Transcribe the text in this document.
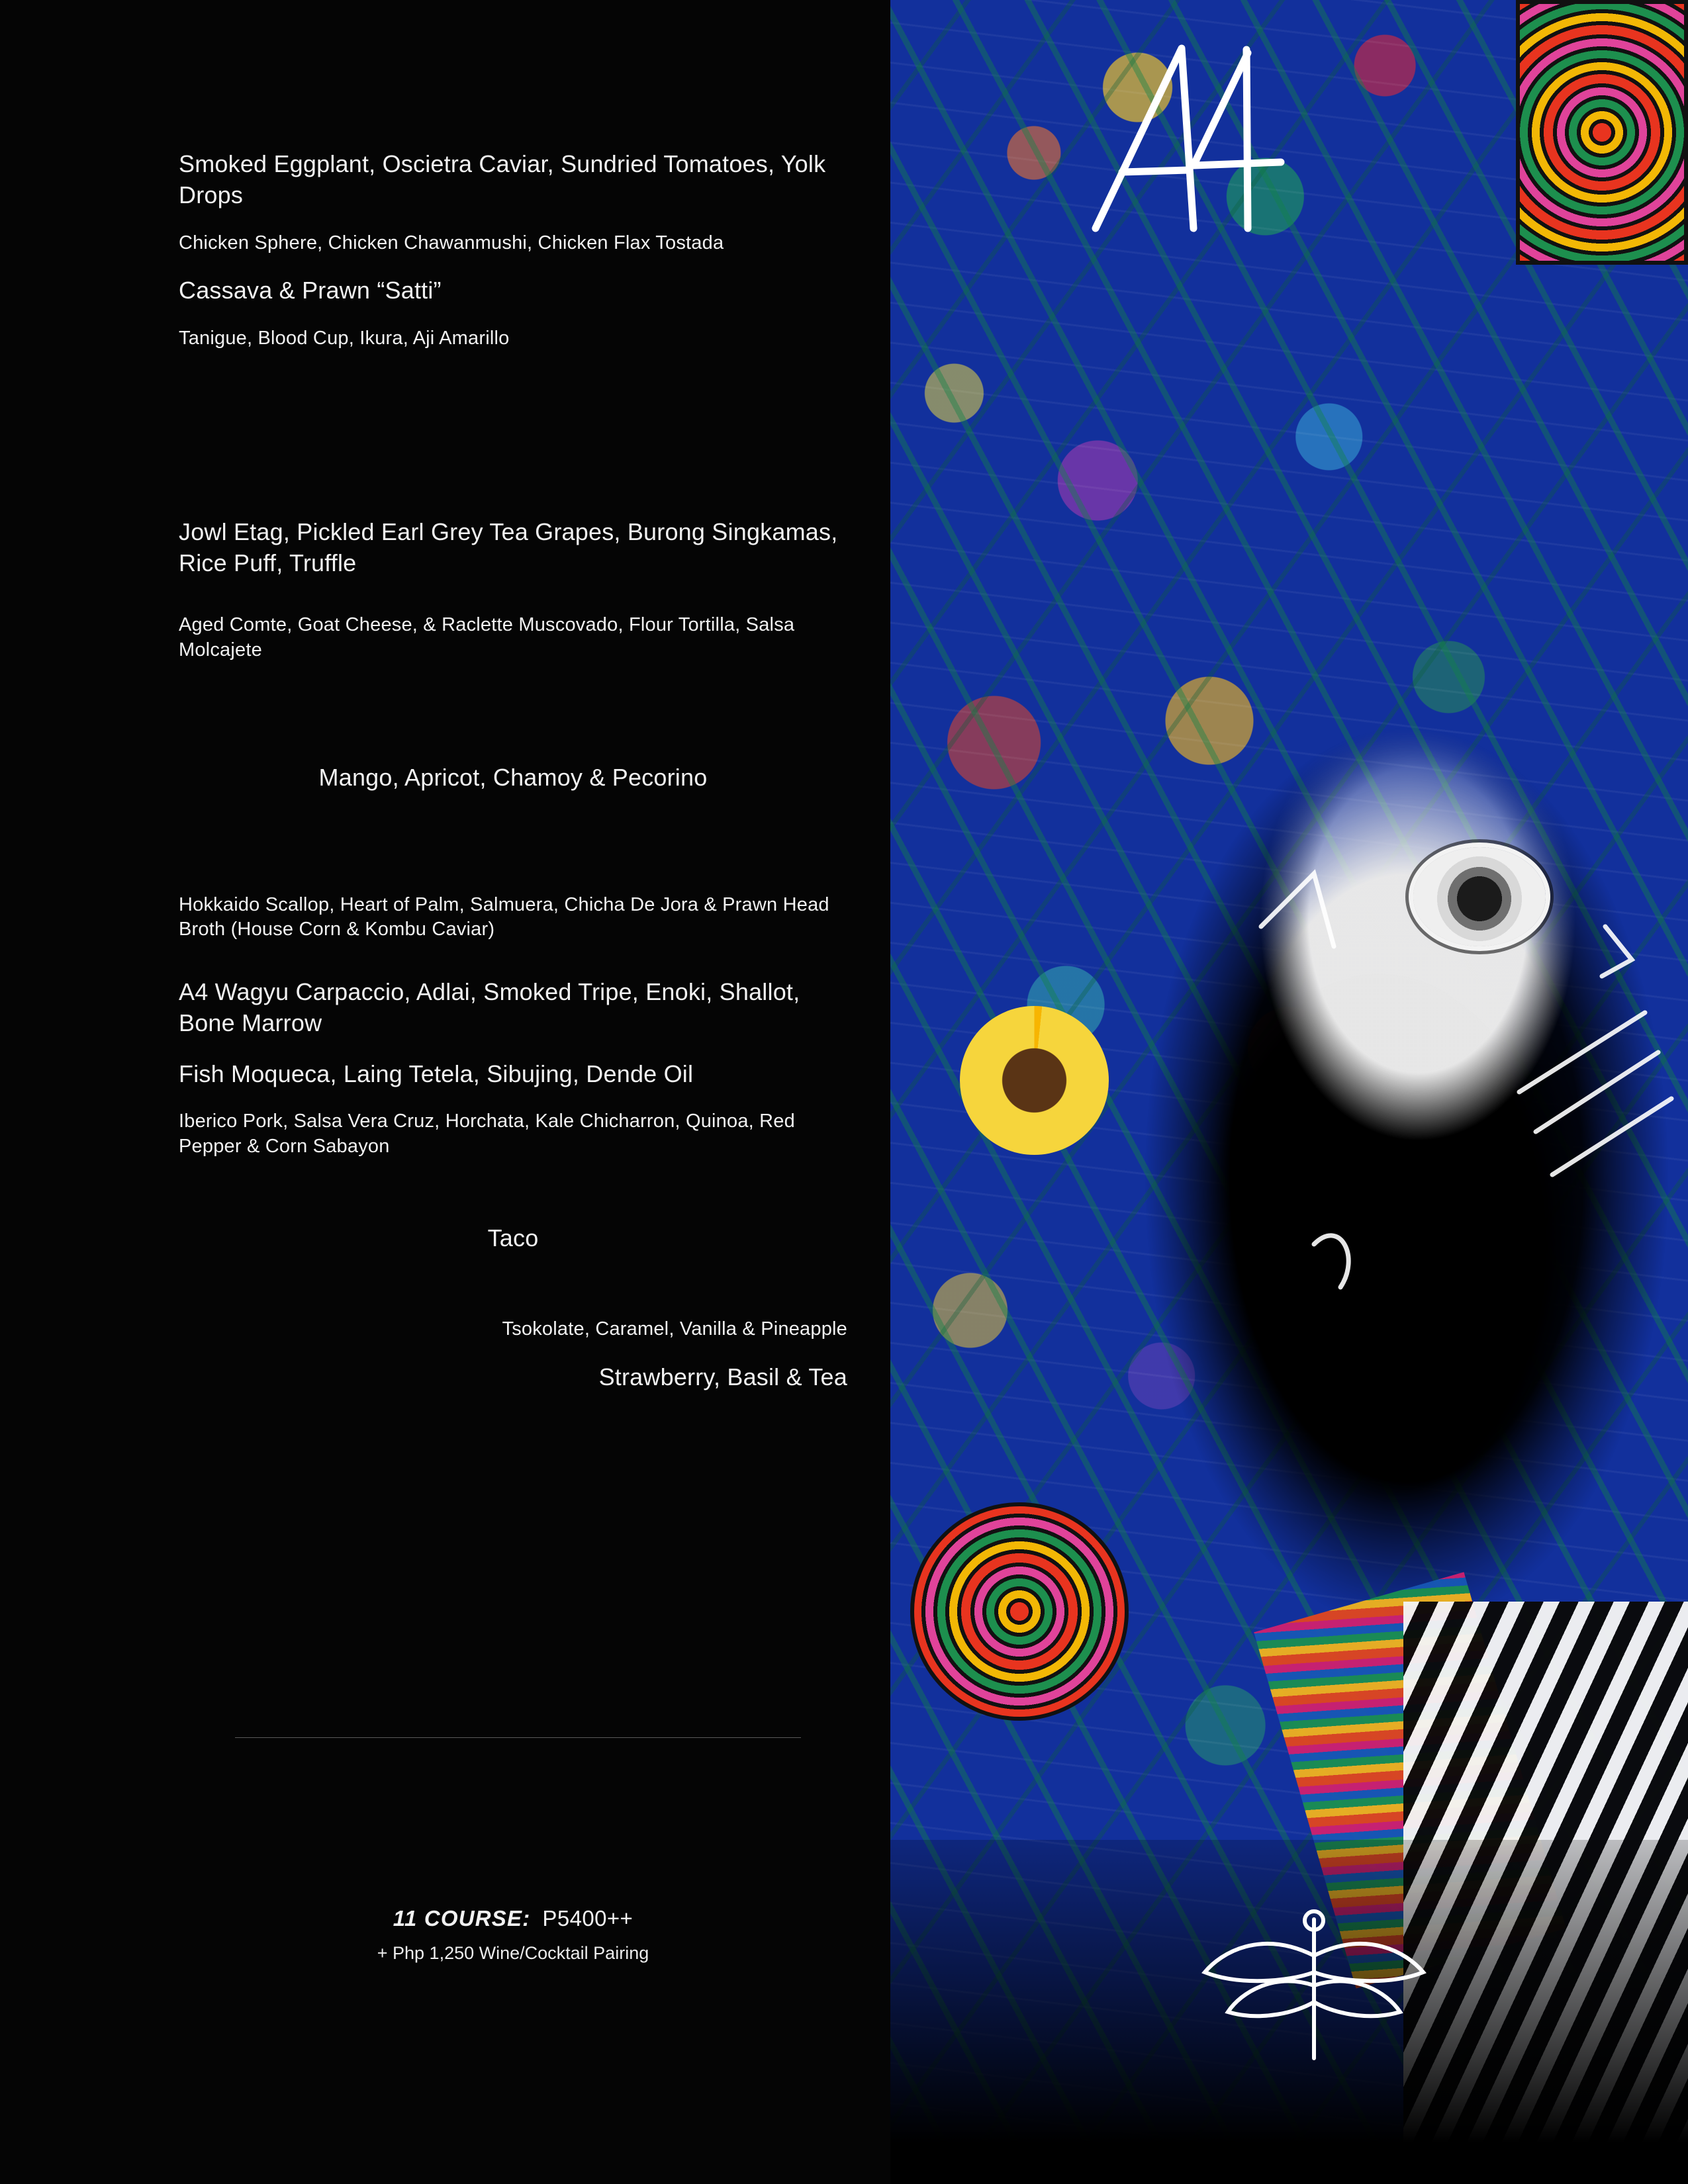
Smoked Eggplant, Oscietra Caviar, Sundried Tomatoes, Yolk Drops
Chicken Sphere, Chicken Chawanmushi, Chicken Flax Tostada
Cassava & Prawn “Satti”
Tanigue, Blood Cup, Ikura, Aji Amarillo
Jowl Etag, Pickled Earl Grey Tea Grapes, Burong Singkamas, Rice Puff, Truffle
Aged Comte, Goat Cheese, & Raclette Muscovado, Flour Tortilla, Salsa Molcajete
Mango, Apricot, Chamoy & Pecorino
Hokkaido Scallop, Heart of Palm, Salmuera, Chicha De Jora & Prawn Head Broth (House Corn & Kombu Caviar)
A4 Wagyu Carpaccio, Adlai, Smoked Tripe, Enoki, Shallot, Bone Marrow
Fish Moqueca, Laing Tetela, Sibujing, Dende Oil
Iberico Pork, Salsa Vera Cruz, Horchata, Kale Chicharron, Quinoa, Red Pepper & Corn Sabayon
Taco
Tsokolate, Caramel, Vanilla & Pineapple
Strawberry, Basil & Tea
11 COURSE: P5400++
+ Php 1,250 Wine/Cocktail Pairing
